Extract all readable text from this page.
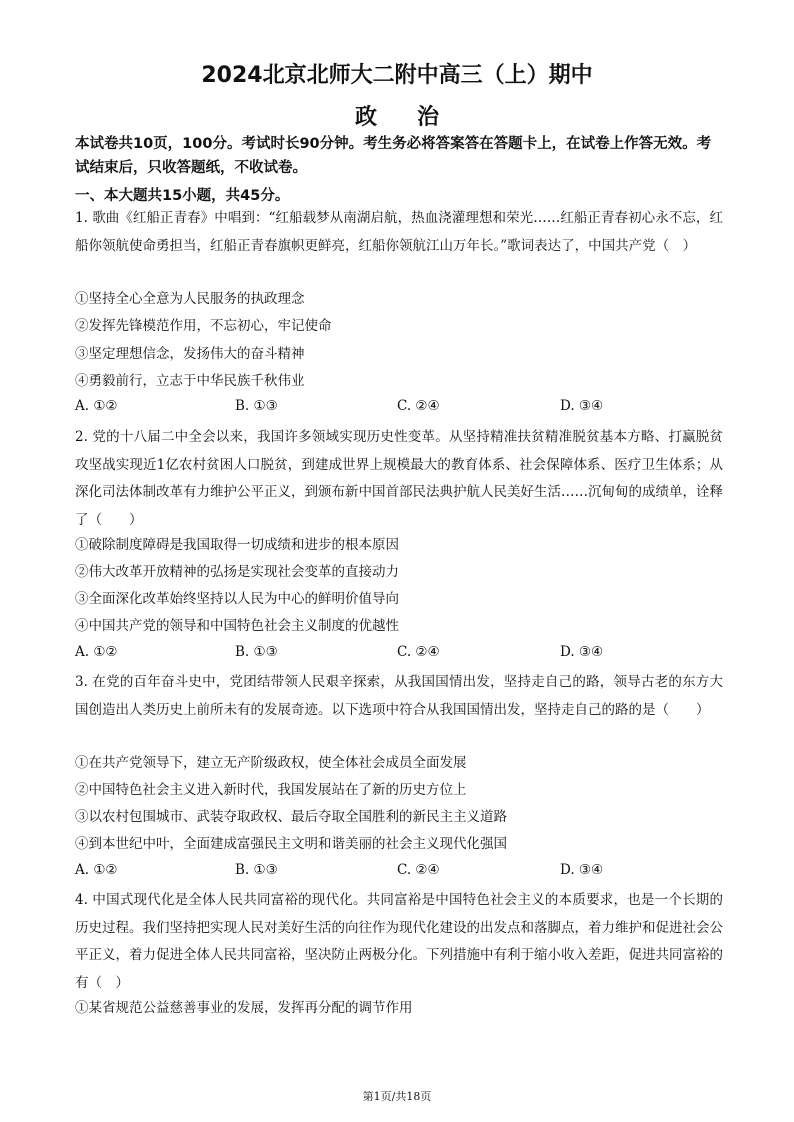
2024北京北师大二附中高三（上）期中
政治
本试卷共10页，100分。考试时长90分钟。考生务必将答案答在答题卡上，在试卷上作答无效。考试结束后，只收答题纸，不收试卷。
一、本大题共15小题，共45分。
1. 歌曲《红船正青春》中唱到：“红船载梦从南湖启航，热血浇灌理想和荣光……红船正青春初心永不忘，红船你领航使命勇担当，红船正青春旗帜更鲜亮，红船你领航江山万年长。”歌词表达了，中国共产党（　）
①坚持全心全意为人民服务的执政理念
②发挥先锋模范作用，不忘初心，牢记使命
③坚定理想信念，发扬伟大的奋斗精神
④勇毅前行，立志于中华民族千秋伟业
A. ①②	B. ①③	C. ②④	D. ③④
2. 党的十八届二中全会以来，我国许多领域实现历史性变革。从坚持精准扶贫精准脱贫基本方略、打赢脱贫攻坚战实现近1亿农村贫困人口脱贫，到建成世界上规模最大的教育体系、社会保障体系、医疗卫生体系；从深化司法体制改革有力维护公平正义，到颁布新中国首部民法典护航人民美好生活……沉甸甸的成绩单，诠释了（　　）
①破除制度障碍是我国取得一切成绩和进步的根本原因
②伟大改革开放精神的弘扬是实现社会变革的直接动力
③全面深化改革始终坚持以人民为中心的鲜明价值导向
④中国共产党的领导和中国特色社会主义制度的优越性
A. ①②	B. ①③	C. ②④	D. ③④
3. 在党的百年奋斗史中，党团结带领人民艰辛探索，从我国国情出发，坚持走自己的路，领导古老的东方大国创造出人类历史上前所未有的发展奇迹。以下选项中符合从我国国情出发，坚持走自己的路的是（　　）
①在共产党领导下，建立无产阶级政权，使全体社会成员全面发展
②中国特色社会主义进入新时代，我国发展站在了新的历史方位上
③以农村包围城市、武装夺取政权、最后夺取全国胜利的新民主主义道路
④到本世纪中叶，全面建成富强民主文明和谐美丽的社会主义现代化强国
A. ①②	B. ①③	C. ②④	D. ③④
4. 中国式现代化是全体人民共同富裕的现代化。共同富裕是中国特色社会主义的本质要求，也是一个长期的历史过程。我们坚持把实现人民对美好生活的向往作为现代化建设的出发点和落脚点，着力维护和促进社会公平正义，着力促进全体人民共同富裕，坚决防止两极分化。下列措施中有利于缩小收入差距，促进共同富裕的有（　）
①某省规范公益慈善事业的发展，发挥再分配的调节作用
第1页/共18页
